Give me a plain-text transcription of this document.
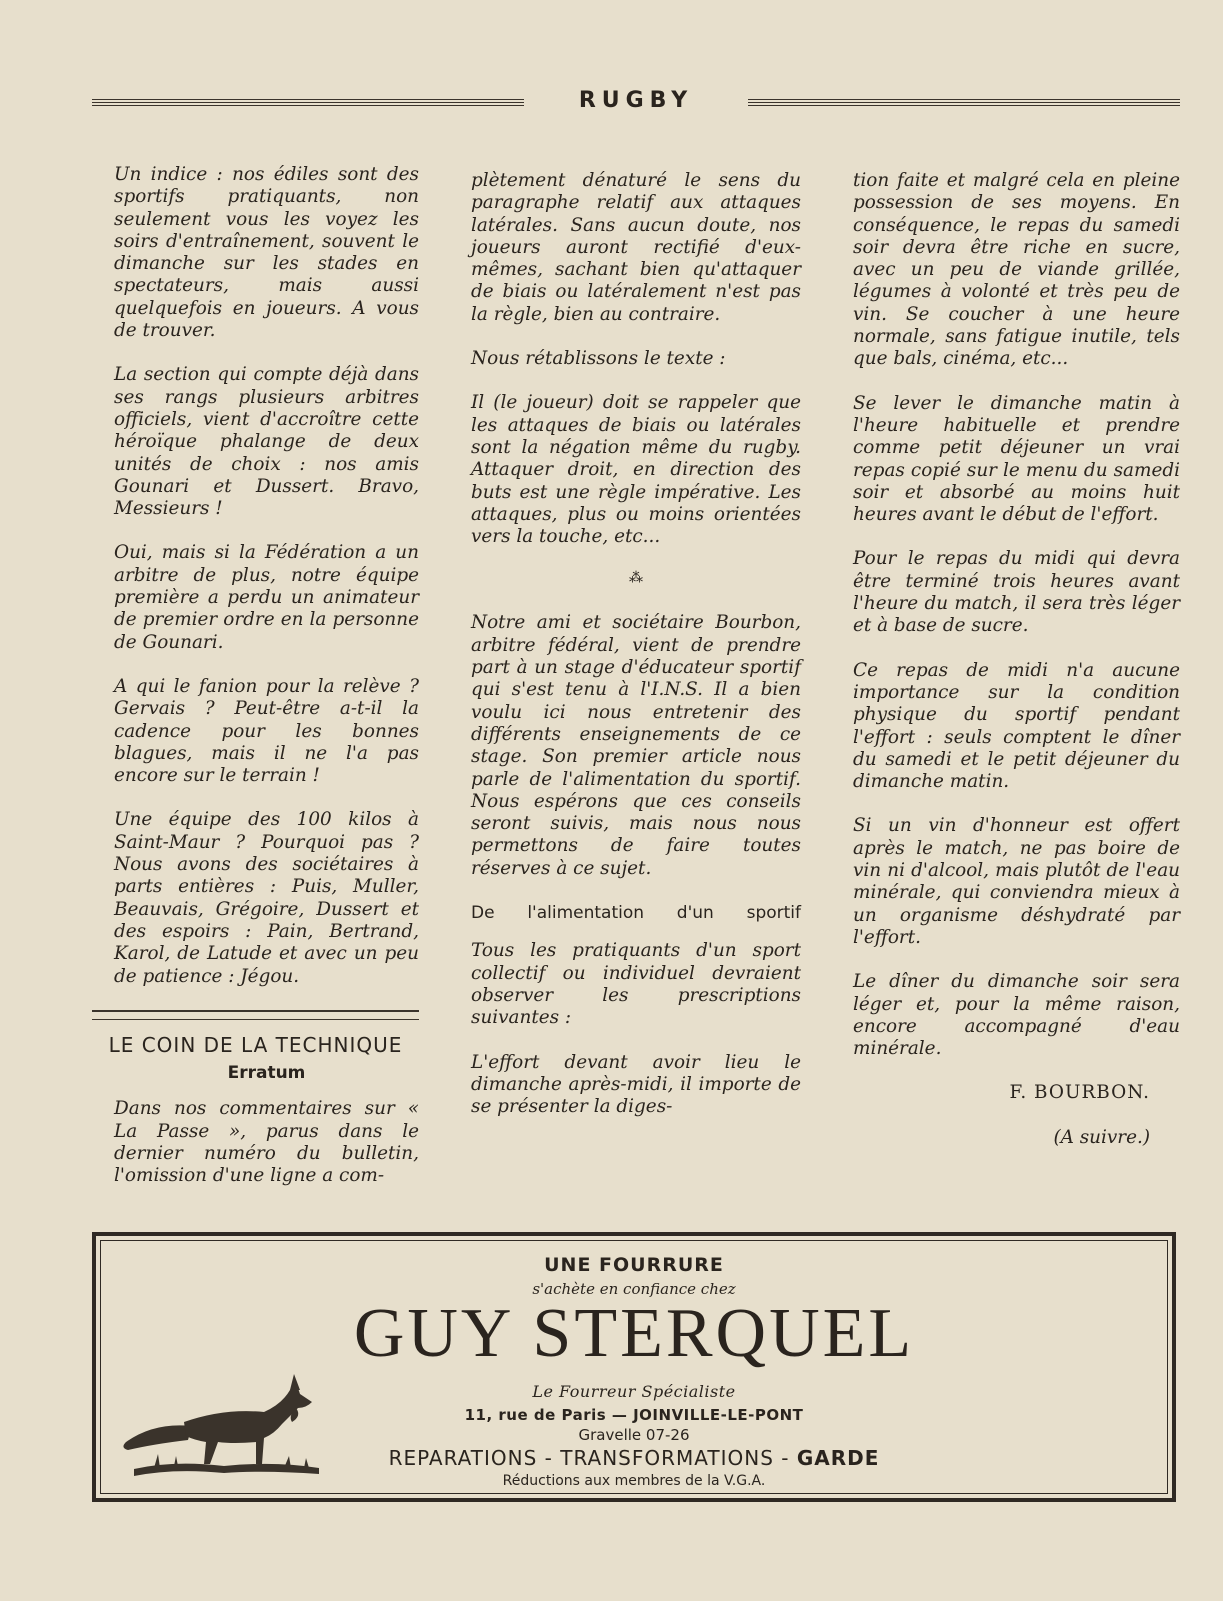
RUGBY

Un indice : nos édiles sont des sportifs pratiquants, non seulement vous les voyez les soirs d'entraînement, souvent le dimanche sur les stades en spectateurs, mais aussi quelquefois en joueurs. A vous de trouver.

La section qui compte déjà dans ses rangs plusieurs arbitres officiels, vient d'accroître cette héroïque phalange de deux unités de choix : nos amis Gounari et Dussert. Bravo, Messieurs !

Oui, mais si la Fédération a un arbitre de plus, notre équipe première a perdu un animateur de premier ordre en la personne de Gounari.

A qui le fanion pour la relève ? Gervais ? Peut-être a-t-il la cadence pour les bonnes blagues, mais il ne l'a pas encore sur le terrain !

Une équipe des 100 kilos à Saint-Maur ? Pourquoi pas ? Nous avons des sociétaires à parts entières : Puis, Muller, Beauvais, Grégoire, Dussert et des espoirs : Pain, Bertrand, Karol, de Latude et avec un peu de patience : Jégou.

LE COIN DE LA TECHNIQUE
Erratum

Dans nos commentaires sur « La Passe », parus dans le dernier numéro du bulletin, l'omission d'une ligne a com-

plètement dénaturé le sens du paragraphe relatif aux attaques latérales. Sans aucun doute, nos joueurs auront rectifié d'eux-mêmes, sachant bien qu'attaquer de biais ou latéralement n'est pas la règle, bien au contraire.

Nous rétablissons le texte :

Il (le joueur) doit se rappeler que les attaques de biais ou latérales sont la négation même du rugby. Attaquer droit, en direction des buts est une règle impérative. Les attaques, plus ou moins orientées vers la touche, etc...

⁂

Notre ami et sociétaire Bourbon, arbitre fédéral, vient de prendre part à un stage d'éducateur sportif qui s'est tenu à l'I.N.S. Il a bien voulu ici nous entretenir des différents enseignements de ce stage. Son premier article nous parle de l'alimentation du sportif. Nous espérons que ces conseils seront suivis, mais nous nous permettons de faire toutes réserves à ce sujet.

De l'alimentation d'un sportif

Tous les pratiquants d'un sport collectif ou individuel devraient observer les prescriptions suivantes :

L'effort devant avoir lieu le dimanche après-midi, il importe de se présenter la diges-

tion faite et malgré cela en pleine possession de ses moyens. En conséquence, le repas du samedi soir devra être riche en sucre, avec un peu de viande grillée, légumes à volonté et très peu de vin. Se coucher à une heure normale, sans fatigue inutile, tels que bals, cinéma, etc...

Se lever le dimanche matin à l'heure habituelle et prendre comme petit déjeuner un vrai repas copié sur le menu du samedi soir et absorbé au moins huit heures avant le début de l'effort.

Pour le repas du midi qui devra être terminé trois heures avant l'heure du match, il sera très léger et à base de sucre.

Ce repas de midi n'a aucune importance sur la condition physique du sportif pendant l'effort : seuls comptent le dîner du samedi et le petit déjeuner du dimanche matin.

Si un vin d'honneur est offert après le match, ne pas boire de vin ni d'alcool, mais plutôt de l'eau minérale, qui conviendra mieux à un organisme déshydraté par l'effort.

Le dîner du dimanche soir sera léger et, pour la même raison, encore accompagné d'eau minérale.

F. BOURBON.

(A suivre.)

UNE FOURRURE
s'achète en confiance chez
GUY STERQUEL
Le Fourreur Spécialiste
11, rue de Paris — JOINVILLE-LE-PONT
Gravelle 07-26
REPARATIONS - TRANSFORMATIONS - GARDE
Réductions aux membres de la V.G.A.
